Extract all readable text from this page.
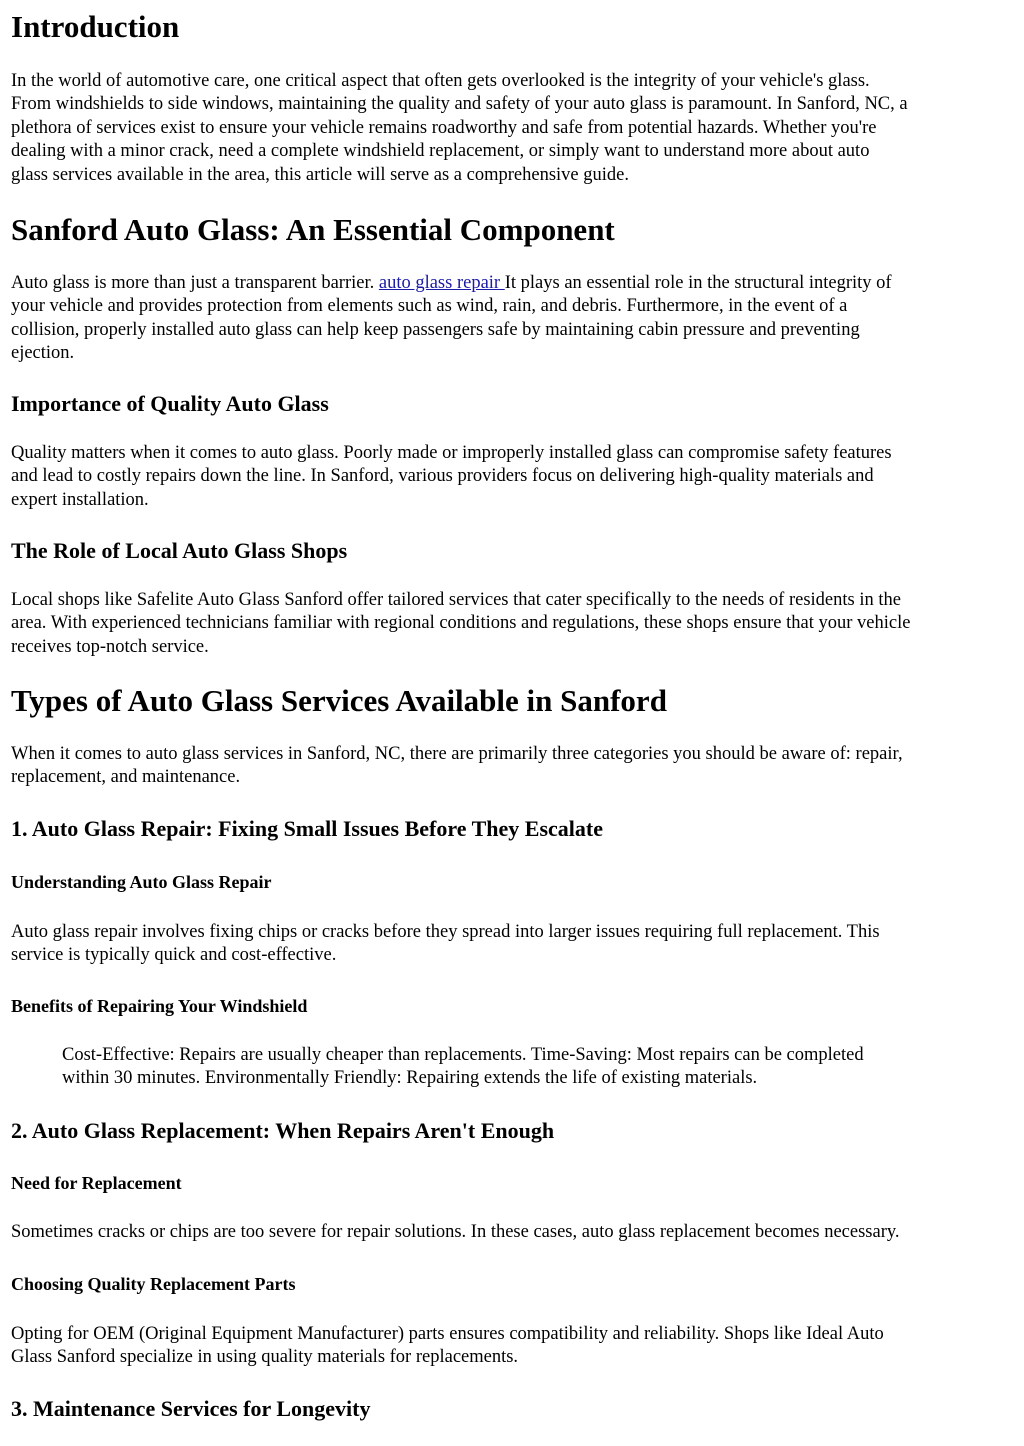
Introduction

In the world of automotive care, one critical aspect that often gets overlooked is the integrity of your vehicle's glass.
From windshields to side windows, maintaining the quality and safety of your auto glass is paramount. In Sanford, NC, a
plethora of services exist to ensure your vehicle remains roadworthy and safe from potential hazards. Whether you're
dealing with a minor crack, need a complete windshield replacement, or simply want to understand more about auto
glass services available in the area, this article will serve as a comprehensive guide.

Sanford Auto Glass: An Essential Component

Auto glass is more than just a transparent barrier. auto glass repair It plays an essential role in the structural integrity of
your vehicle and provides protection from elements such as wind, rain, and debris. Furthermore, in the event of a
collision, properly installed auto glass can help keep passengers safe by maintaining cabin pressure and preventing
ejection.

Importance of Quality Auto Glass

Quality matters when it comes to auto glass. Poorly made or improperly installed glass can compromise safety features
and lead to costly repairs down the line. In Sanford, various providers focus on delivering high-quality materials and
expert installation.

The Role of Local Auto Glass Shops

Local shops like Safelite Auto Glass Sanford offer tailored services that cater specifically to the needs of residents in the
area. With experienced technicians familiar with regional conditions and regulations, these shops ensure that your vehicle
receives top-notch service.

Types of Auto Glass Services Available in Sanford

When it comes to auto glass services in Sanford, NC, there are primarily three categories you should be aware of: repair,
replacement, and maintenance.

1. Auto Glass Repair: Fixing Small Issues Before They Escalate
Understanding Auto Glass Repair

Auto glass repair involves fixing chips or cracks before they spread into larger issues requiring full replacement. This
service is typically quick and cost-effective.

Benefits of Repairing Your Windshield

Cost-Effective: Repairs are usually cheaper than replacements. Time-Saving: Most repairs can be completed
within 30 minutes. Environmentally Friendly: Repairing extends the life of existing materials.

2. Auto Glass Replacement: When Repairs Aren't Enough
Need for Replacement

Sometimes cracks or chips are too severe for repair solutions. In these cases, auto glass replacement becomes necessary.

Choosing Quality Replacement Parts

Opting for OEM (Original Equipment Manufacturer) parts ensures compatibility and reliability. Shops like Ideal Auto
Glass Sanford specialize in using quality materials for replacements.

3. Maintenance Services for Longevity
